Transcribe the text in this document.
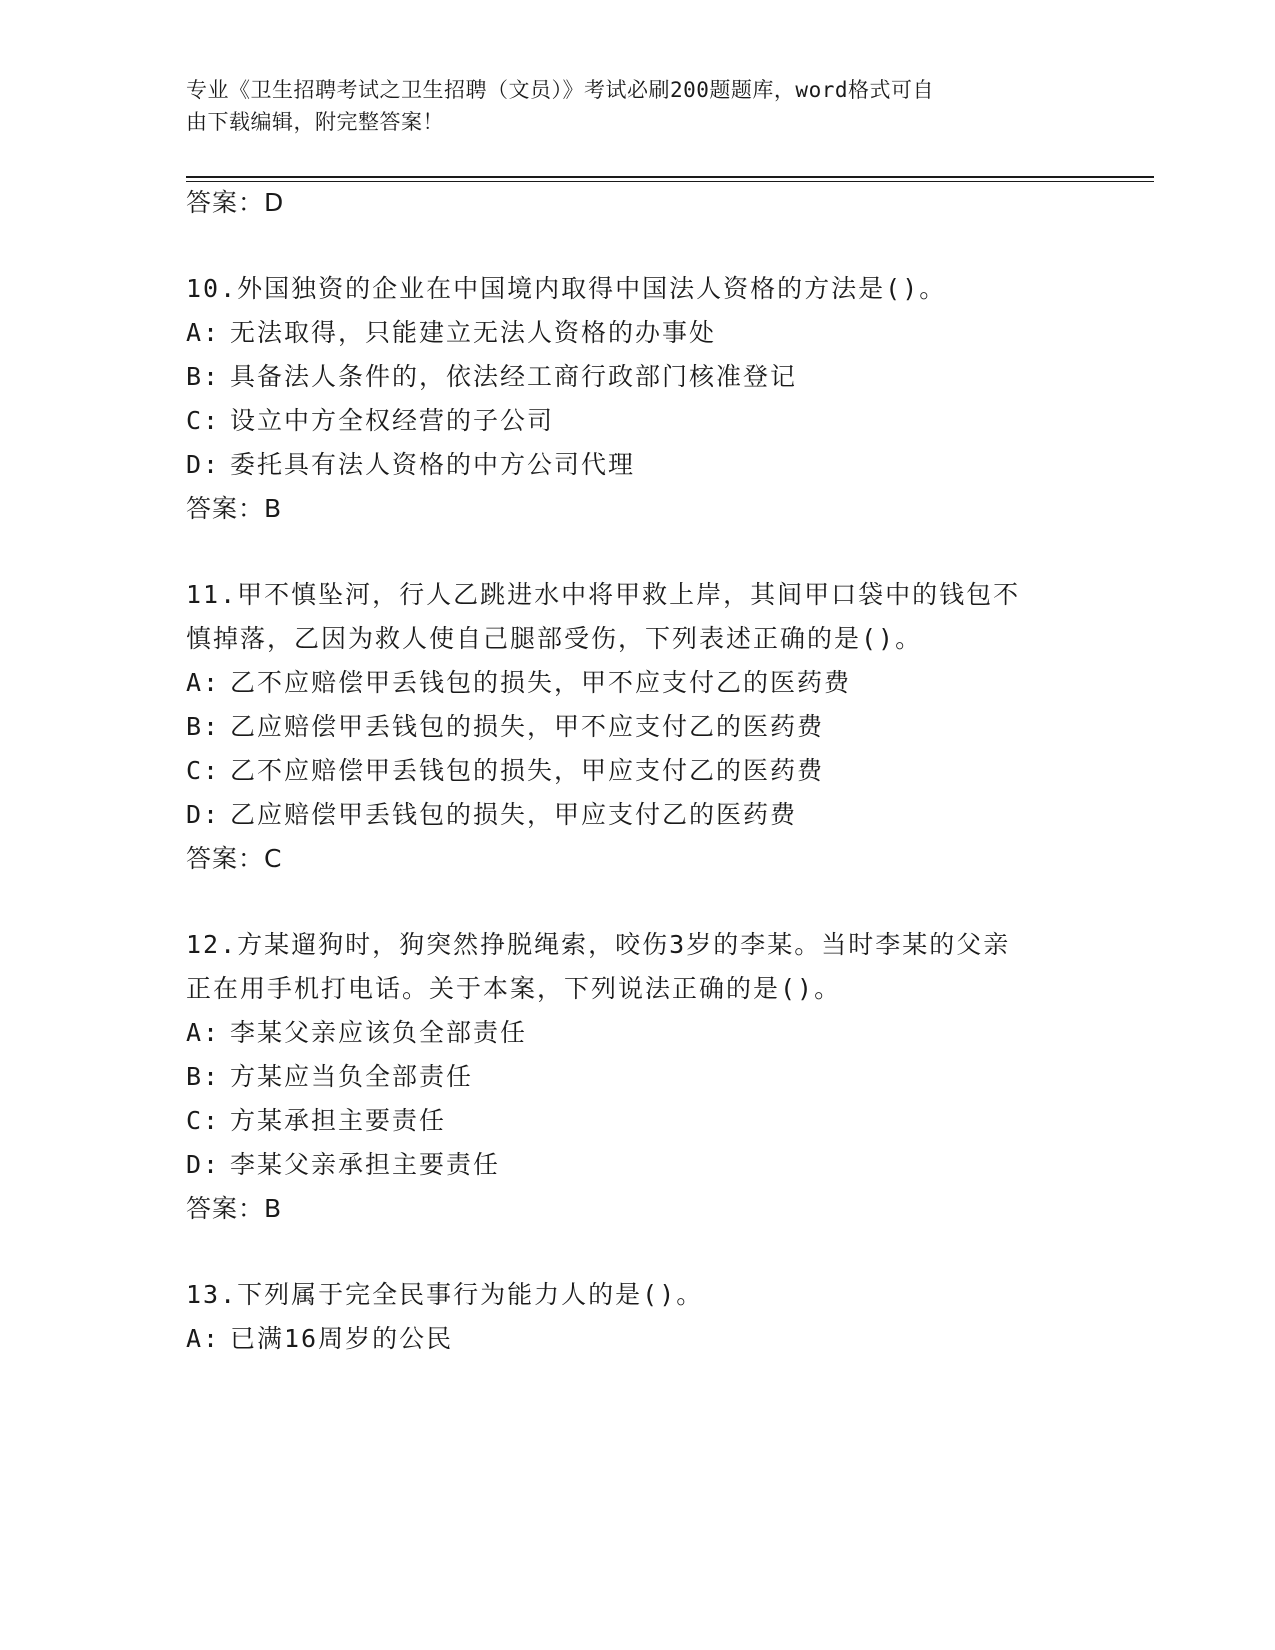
专业《卫生招聘考试之卫生招聘（文员）》考试必刷200题题库，word格式可自
由下载编辑，附完整答案！
答案：D
10.外国独资的企业在中国境内取得中国法人资格的方法是()。
A: 无法取得，只能建立无法人资格的办事处
B: 具备法人条件的，依法经工商行政部门核准登记
C: 设立中方全权经营的子公司
D: 委托具有法人资格的中方公司代理
答案：B
11.甲不慎坠河，行人乙跳进水中将甲救上岸，其间甲口袋中的钱包不
慎掉落，乙因为救人使自己腿部受伤，下列表述正确的是()。
A: 乙不应赔偿甲丢钱包的损失，甲不应支付乙的医药费
B: 乙应赔偿甲丢钱包的损失，甲不应支付乙的医药费
C: 乙不应赔偿甲丢钱包的损失，甲应支付乙的医药费
D: 乙应赔偿甲丢钱包的损失，甲应支付乙的医药费
答案：C
12.方某遛狗时，狗突然挣脱绳索，咬伤3岁的李某。当时李某的父亲
正在用手机打电话。关于本案，下列说法正确的是()。
A: 李某父亲应该负全部责任
B: 方某应当负全部责任
C: 方某承担主要责任
D: 李某父亲承担主要责任
答案：B
13.下列属于完全民事行为能力人的是()。
A: 已满16周岁的公民
